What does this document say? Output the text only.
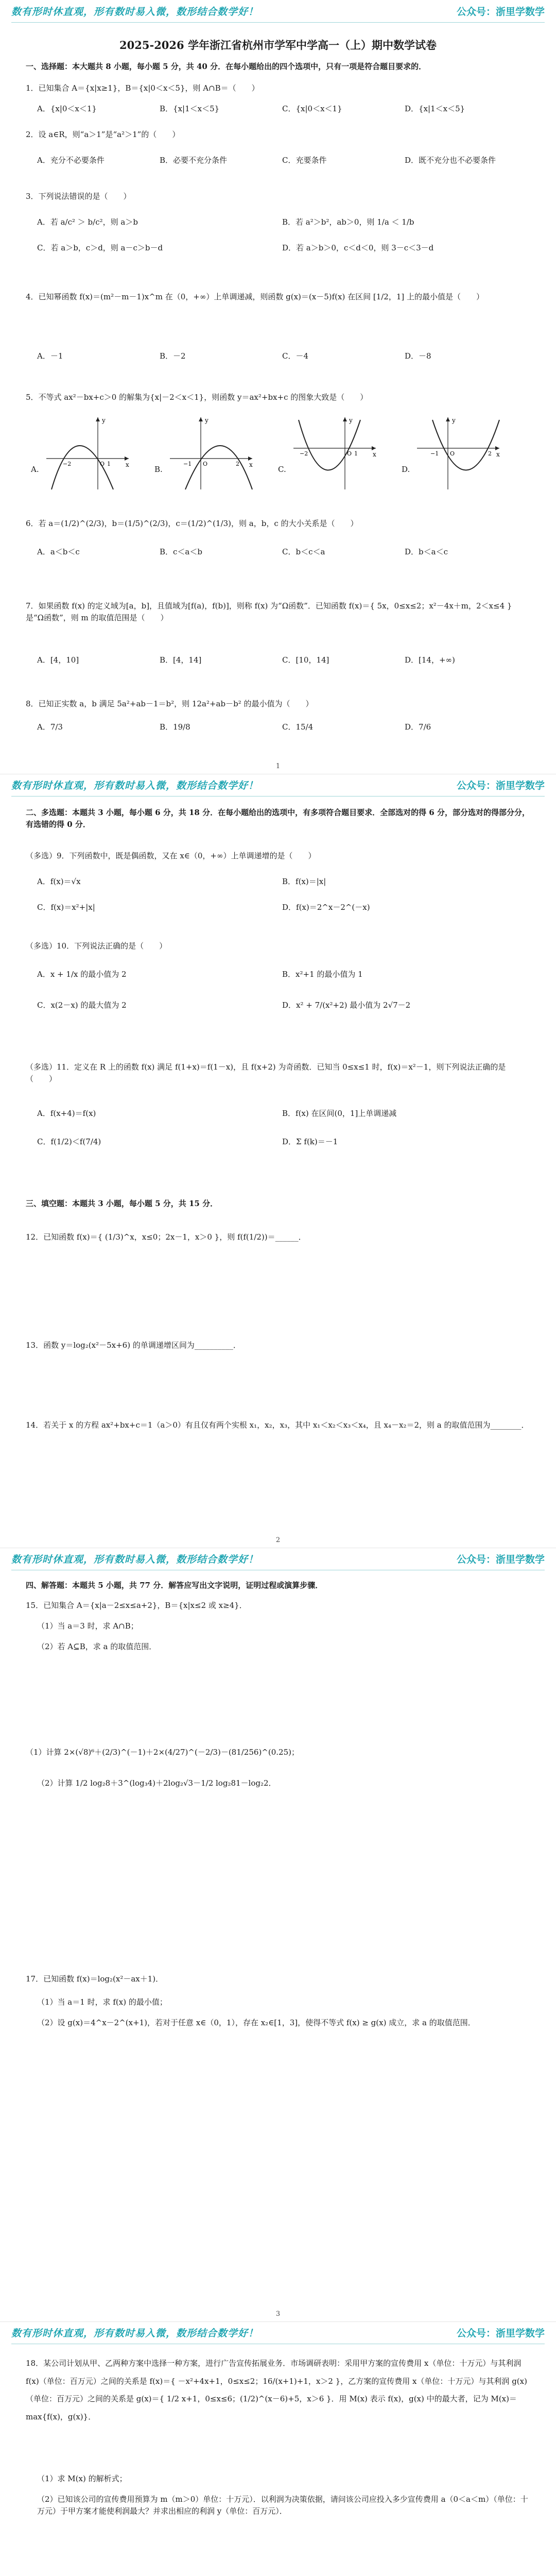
数有形时休直观，形有数时易入微，数形结合数学好！	公众号：浙里学数学
2025-2026 学年浙江省杭州市学军中学高一（上）期中数学试卷
一、选择题：本大题共 8 小题，每小题 5 分，共 40 分．在每小题给出的四个选项中，只有一项是符合题目要求的．
1．已知集合 A＝{x|x≥1}，B＝{x|0＜x＜5}，则 A∩B＝（　　）
A．{x|0＜x＜1}	B．{x|1＜x＜5}	C．{x|0＜x＜1}	D．{x|1＜x＜5}
2．设 a∈R，则“a＞1”是“a²＞1”的（　　）
A．充分不必要条件	B．必要不充分条件	C．充要条件	D．既不充分也不必要条件
3．下列说法错误的是（　　）
A．若 a/c² ＞ b/c²，则 a＞b	B．若 a²＞b²，ab＞0，则 1/a ＜ 1/b
C．若 a＞b，c＞d，则 a－c＞b－d	D．若 a＞b＞0，c＜d＜0，则 3－c＜3－d
4．已知幂函数 f(x)＝(m²－m－1)x^m 在（0，+∞）上单调递减，则函数 g(x)＝(x－5)f(x) 在区间 [1/2，1] 上的最小值是（　　）
A．－1	B．－2	C．－4	D．－8
5．不等式 ax²－bx+c＞0 的解集为{x|－2＜x＜1}，则函数 y＝ax²+bx+c 的图象大致是（　　）
A.
y
x
−2	O 1
B.
y
x
O
−1	2
C.
y
x
−2	O 1
D.
y
x
O
−1	2
6．若 a＝(1/2)^(2/3)，b＝(1/5)^(2/3)，c＝(1/2)^(1/3)，则 a，b，c 的大小关系是（　　）
A．a＜b＜c	B．c＜a＜b	C．b＜c＜a	D．b＜a＜c
7．如果函数 f(x) 的定义域为[a，b]，且值域为[f(a)，f(b)]，则称 f(x) 为“Ω函数”．已知函数 f(x)＝{ 5x，0≤x≤2；x²－4x＋m，2＜x≤4 } 是“Ω函数”，则 m 的取值范围是（　　）
A．[4，10]	B．[4，14]	C．[10，14]	D．[14，+∞)
8．已知正实数 a，b 满足 5a²+ab－1＝b²，则 12a²+ab－b² 的最小值为（　　）
A．7/3	B．19/8	C．15/4	D．7/6
1
数有形时休直观，形有数时易入微，数形结合数学好！	公众号：浙里学数学
二、多选题：本题共 3 小题，每小题 6 分，共 18 分．在每小题给出的选项中，有多项符合题目要求．全部选对的得 6 分，部分选对的得部分分，有选错的得 0 分．
（多选）9．下列函数中，既是偶函数，又在 x∈（0，+∞）上单调递增的是（　　）
A．f(x)＝√x	B．f(x)＝|x|
C．f(x)＝x²+|x|	D．f(x)＝2^x－2^(－x)
（多选）10．下列说法正确的是（　　）
A．x + 1/x 的最小值为 2	B．x²+1 的最小值为 1
C．x(2－x) 的最大值为 2	D．x² + 7/(x²+2) 最小值为 2√7－2
（多选）11．定义在 R 上的函数 f(x) 满足 f(1+x)＝f(1－x)，且 f(x+2) 为奇函数．已知当 0≤x≤1 时，f(x)＝x²－1，则下列说法正确的是（　　）
A．f(x+4)＝f(x)	B．f(x) 在区间(0，1]上单调递减
C．f(1/2)＜f(7/4)	D．Σ f(k)＝－1
三、填空题：本题共 3 小题，每小题 5 分，共 15 分．
12．已知函数 f(x)＝{ (1/3)^x，x≤0；2x－1，x＞0 }，则 f(f(1/2))＝______．
13．函数 y＝log₂(x²－5x+6) 的单调递增区间为__________．
14．若关于 x 的方程 ax²+bx+c＝1（a＞0）有且仅有两个实根 x₁，x₂，x₃，其中 x₁＜x₂＜x₃＜x₄，且 x₄－x₂＝2，则 a 的取值范围为________．
2
数有形时休直观，形有数时易入微，数形结合数学好！	公众号：浙里学数学
四、解答题：本题共 5 小题，共 77 分．解答应写出文字说明，证明过程或演算步骤．
15．已知集合 A＝{x|a－2≤x≤a+2}，B＝{x|x≤2 或 x≥4}．
（1）当 a＝3 时，求 A∩B；
（2）若 A⊆B，求 a 的取值范围．
（1）计算 2×(√8)⁶＋(2/3)^(－1)＋2×(4/27)^(－2/3)－(81/256)^(0.25)；
（2）计算 1/2 log₂8＋3^(log₃4)＋2log₂√3－1/2 log₂81－log₂2．
17．已知函数 f(x)＝log₂(x²－ax＋1)．
（1）当 a＝1 时，求 f(x) 的最小值；
（2）设 g(x)＝4^x－2^(x+1)，若对于任意 x∈（0，1），存在 x₂∈[1，3]，使得不等式 f(x) ≥ g(x) 成立，求 a 的取值范围．
3
数有形时休直观，形有数时易入微，数形结合数学好！	公众号：浙里学数学
18．某公司计划从甲、乙两种方案中选择一种方案，进行广告宣传拓展业务．市场调研表明：采用甲方案的宣传费用 x（单位：十万元）与其利润 f(x)（单位：百万元）之间的关系是 f(x)＝{ －x²+4x+1，0≤x≤2；16/(x+1)+1，x＞2 }，乙方案的宣传费用 x（单位：十万元）与其利润 g(x)（单位：百万元）之间的关系是 g(x)＝{ 1/2 x+1，0≤x≤6；(1/2)^(x－6)+5，x＞6 }．用 M(x) 表示 f(x)，g(x) 中的最大者，记为 M(x)＝max{f(x)，g(x)}．
（1）求 M(x) 的解析式；
（2）已知该公司的宣传费用预算为 m（m＞0）单位：十万元）．以利润为决策依据，请问该公司应投入多少宣传费用 a（0＜a＜m）（单位：十万元）于甲方案才能使利润最大？并求出相应的利润 y（单位：百万元）．
